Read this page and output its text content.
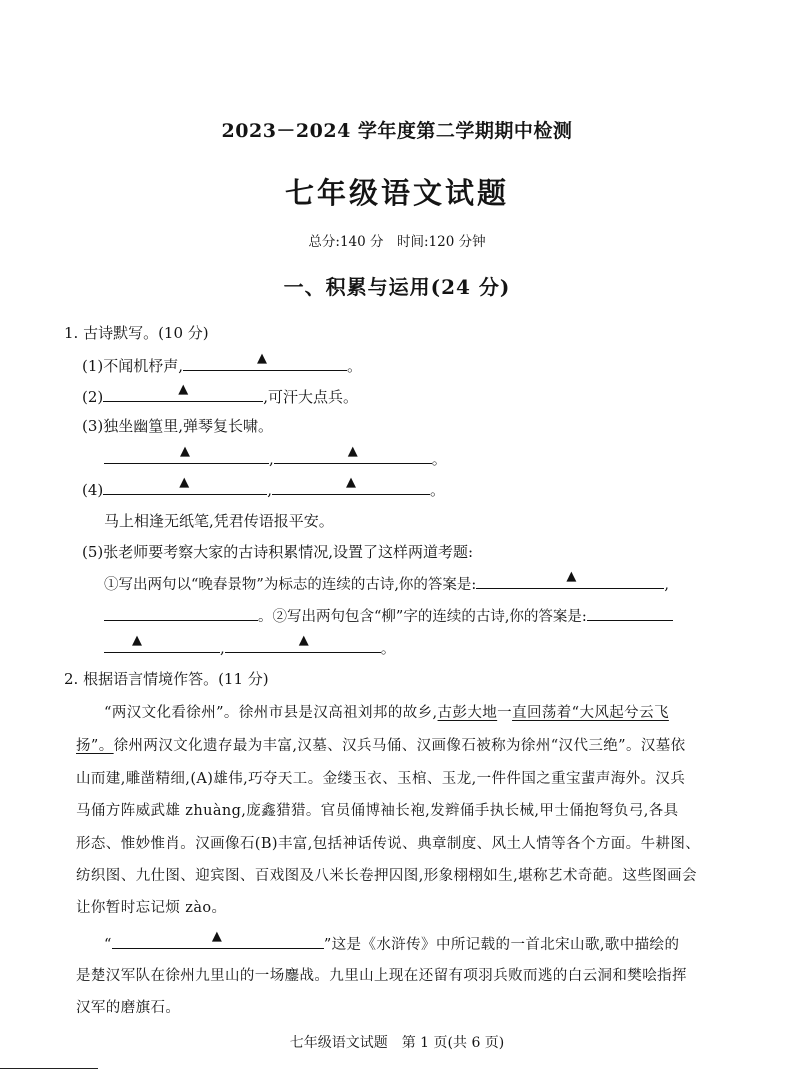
2023－2024 学年度第二学期期中检测
七年级语文试题
总分:140 分　时间:120 分钟
一、积累与运用(24 分)
1. 古诗默写。(10 分)
(1)不闻机杼声,	▲	。
(2)	▲	,可汗大点兵。
(3)独坐幽篁里,弹琴复长啸。
▲	,	▲	。
(4)	▲	,	▲	。
马上相逢无纸笔,凭君传语报平安。
(5)张老师要考察大家的古诗积累情况,设置了这样两道考题:
①写出两句以“晚春景物”为标志的连续的古诗,你的答案是:
▲
,
。②写出两句包含“柳”字的连续的古诗,你的答案是:
▲	,	▲	。
2. 根据语言情境作答。(11 分)
“两汉文化看徐州”。徐州市县是汉高祖刘邦的故乡,古彭大地一直回荡着“大风起兮云飞
扬”。徐州两汉文化遗存最为丰富,汉墓、汉兵马俑、汉画像石被称为徐州“汉代三绝”。汉墓依
山而建,雕凿精细,(A)雄伟,巧夺天工。金缕玉衣、玉棺、玉龙,一件件国之重宝蜚声海外。汉兵
马俑方阵威武雄 zhuàng,庞鑫猎猎。官员俑博袖长袍,发辫俑手执长械,甲士俑抱弩负弓,各具
形态、惟妙惟肖。汉画像石(B)丰富,包括神话传说、典章制度、风土人情等各个方面。牛耕图、
纺织图、九仕图、迎宾图、百戏图及八米长卷押囚图,形象栩栩如生,堪称艺术奇葩。这些图画会
让你暂时忘记烦 zào。
“
▲
”这是《水浒传》中所记载的一首北宋山歌,歌中描绘的
是楚汉军队在徐州九里山的一场鏖战。九里山上现在还留有项羽兵败而逃的白云洞和樊哙指挥
汉军的磨旗石。
七年级语文试题　第 1 页(共 6 页)
